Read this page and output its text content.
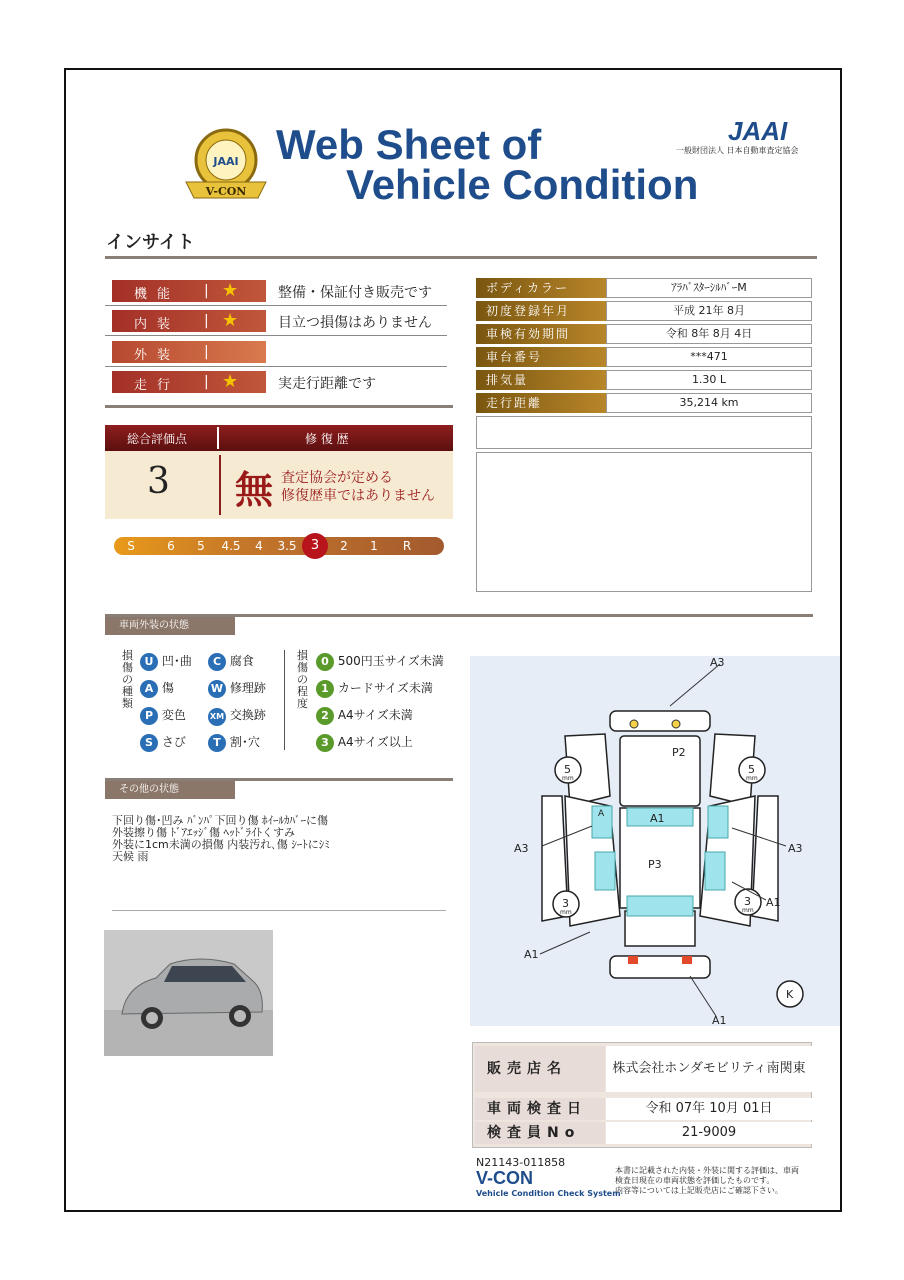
JAAI
V-CON
Web Sheet of
Vehicle Condition
JAAI
一般財団法人 日本自動車査定協会
インサイト
機能	| ★	整備・保証付き販売です
内装	| ★	目立つ損傷はありません
外装	|
走行	| ★	実走行距離です
ボディカラー	ｱﾗﾊﾞｽﾀｰｼﾙﾊﾞｰM
初度登録年月	平成 21年 8月
車検有効期間	令和 8年 8月 4日
車台番号	***471
排気量	1.30 L
走行距離	35,214 km
総合評価点	修 復 歴
3 無 査定協会が定める
修復歴車ではありません
S	6	5	4.5	4	3.5	3	2	1	R
車両外装の状態
損傷の種類
U 凹･曲	C 腐食
A 傷	W 修理跡
P 変色	XM 交換跡
S さび	T 割･穴
損傷の程度
0 500円玉サイズ未満
1 カードサイズ未満
2 A4サイズ未満
3 A4サイズ以上
その他の状態
下回り傷･凹み ﾊﾞﾝﾊﾟ下回り傷 ﾎｲｰﾙｶﾊﾞｰに傷
外装擦り傷 ﾄﾞｱｴｯｼﾞ傷 ﾍｯﾄﾞﾗｲﾄくすみ
外装に1cm未満の損傷 内装汚れ､傷 ｼｰﾄにｼﾐ
天候 雨
A3
P2
A1
P3
A3	A3
A1
A1
A1
K
5	5
3	3
A
mm	mm
mm	mm
販売店名	株式会社ホンダモビリティ南関東
車両検査日	令和 07年 10月 01日
検査員No	21-9009
N21143-011858
V-CON
Vehicle Condition Check System
本書に記載された内装・外装に関する評価は、車両
検査日現在の車両状態を評価したものです。
内容等については上記販売店にご確認下さい。
